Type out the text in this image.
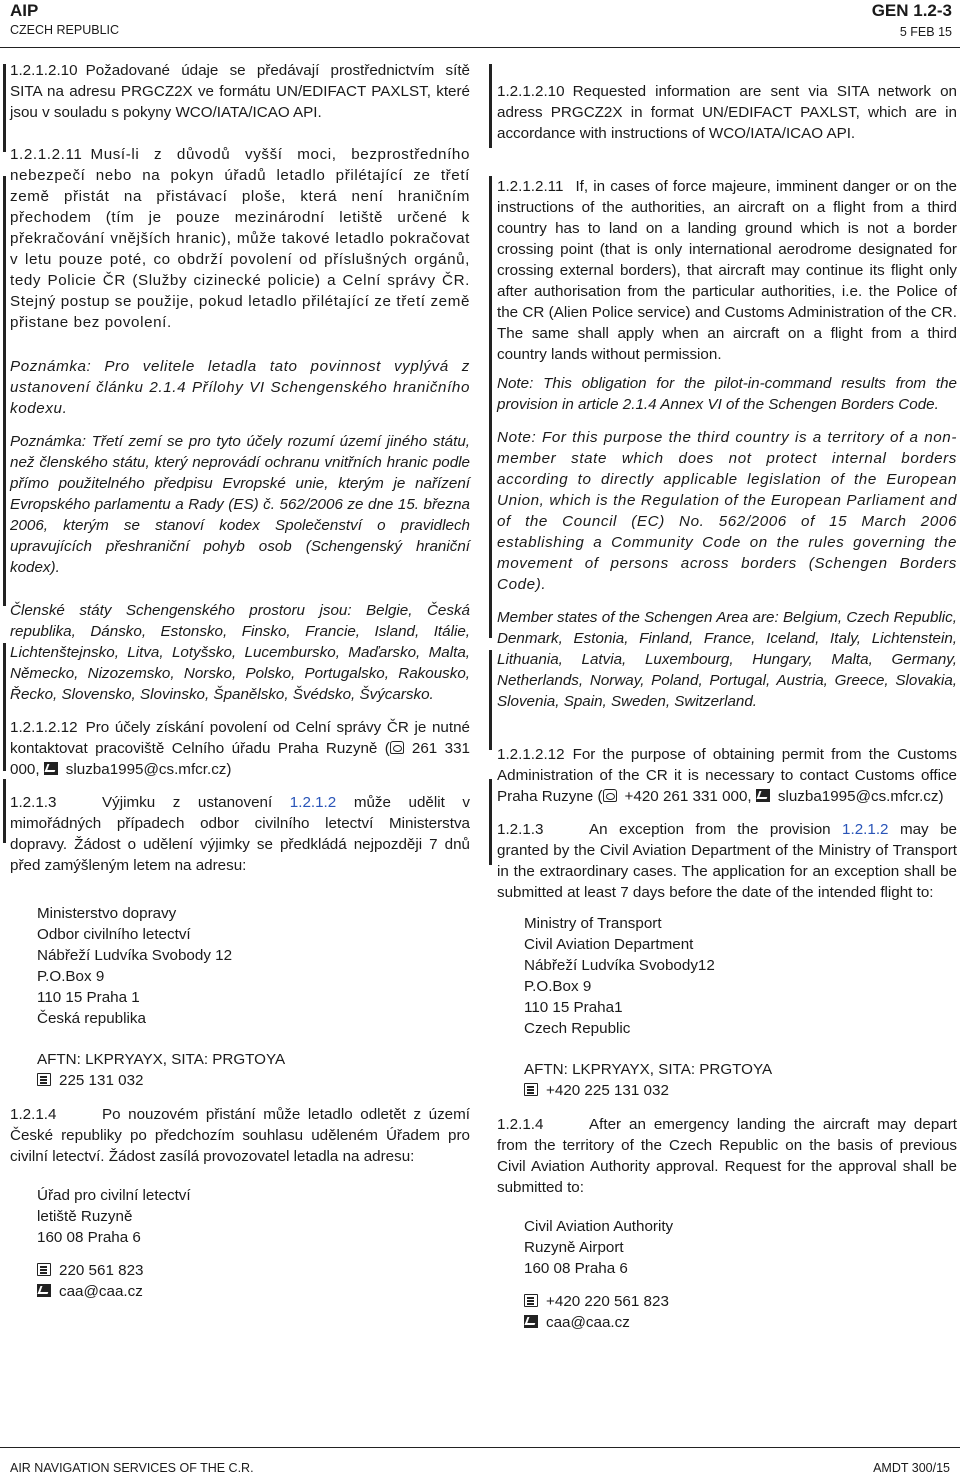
AIP
CZECH REPUBLIC
GEN 1.2-3
5 FEB 15
1.2.1.2.10 Požadované údaje se předávají prostřednictvím sítě SITA na adresu PRGCZ2X ve formátu UN/EDIFACT PAXLST, které jsou v souladu s pokyny WCO/IATA/ICAO API.
1.2.1.2.11 Musí-li z důvodů vyšší moci, bezprostředního nebezpečí nebo na pokyn úřadů letadlo přilétající ze třetí země přistát na přistávací ploše, která není hraničním přechodem (tím je pouze mezinárodní letiště určené k překračování vnějších hranic), může takové letadlo pokračovat v letu pouze poté, co obdrží povolení od příslušných orgánů, tedy Policie ČR (Služby cizinecké policie) a Celní správy ČR. Stejný postup se použije, pokud letadlo přilétající ze třetí země přistane bez povolení.
Poznámka: Pro velitele letadla tato povinnost vyplývá z ustanovení článku 2.1.4 Přílohy VI Schengenského hraničního kodexu.
Poznámka: Třetí zemí se pro tyto účely rozumí území jiného státu, než členského státu, který neprovádí ochranu vnitřních hranic podle přímo použitelného předpisu Evropské unie, kterým je nařízení Evropského parlamentu a Rady (ES) č. 562/2006 ze dne 15. března 2006, kterým se stanoví kodex Společenství o pravidlech upravujících přeshraniční pohyb osob (Schengenský hraniční kodex).
Členské státy Schengenského prostoru jsou: Belgie, Česká republika, Dánsko, Estonsko, Finsko, Francie, Island, Itálie, Lichtenštejnsko, Litva, Lotyšsko, Lucembursko, Maďarsko, Malta, Německo, Nizozemsko, Norsko, Polsko, Portugalsko, Rakousko, Řecko, Slovensko, Slovinsko, Španělsko, Švédsko, Švýcarsko.
1.2.1.2.12 Pro účely získání povolení od Celní správy ČR je nutné kontaktovat pracoviště Celního úřadu Praha Ruzyně ( 261 331 000, sluzba1995@cs.mfcr.cz)
1.2.1.3	Výjimku z ustanovení 1.2.1.2 může udělit v mimořádných případech odbor civilního letectví Ministerstva dopravy. Žádost o udělení výjimky se předkládá nejpozději 7 dnů před zamýšleným letem na adresu:
Ministerstvo dopravy
Odbor civilního letectví
Nábřeží Ludvíka Svobody 12
P.O.Box 9
110 15 Praha 1
Česká republika
AFTN: LKPRYAYX, SITA: PRGTOYA
225 131 032
1.2.1.4	Po nouzovém přistání může letadlo odletět z území České republiky po předchozím souhlasu uděleném Úřadem pro civilní letectví. Žádost zasílá provozovatel letadla na adresu:
Úřad pro civilní letectví
letiště Ruzyně
160 08 Praha 6
220 561 823
caa@caa.cz
1.2.1.2.10 Requested information are sent via SITA network on adress PRGCZ2X in format UN/EDIFACT PAXLST, which are in accordance with instructions of WCO/IATA/ICAO API.
1.2.1.2.11 If, in cases of force majeure, imminent danger or on the instructions of the authorities, an aircraft on a flight from a third country has to land on a landing ground which is not a border crossing point (that is only international aerodrome designated for crossing external borders), that aircraft may continue its flight only after authorisation from the particular authorities, i.e. the Police of the CR (Alien Police service) and Customs Administration of the CR. The same shall apply when an aircraft on a flight from a third country lands without permission.
Note: This obligation for the pilot-in-command results from the provision in article 2.1.4 Annex VI of the Schengen Borders Code.
Note: For this purpose the third country is a territory of a non-member state which does not protect internal borders according to directly applicable legislation of the European Union, which is the Regulation of the European Parliament and of the Council (EC) No. 562/2006 of 15 March 2006 establishing a Community Code on the rules governing the movement of persons across borders (Schengen Borders Code).
Member states of the Schengen Area are: Belgium, Czech Republic, Denmark, Estonia, Finland, France, Iceland, Italy, Lichtenstein, Lithuania, Latvia, Luxembourg, Hungary, Malta, Germany, Netherlands, Norway, Poland, Portugal, Austria, Greece, Slovakia, Slovenia, Spain, Sweden, Switzerland.
1.2.1.2.12 For the purpose of obtaining permit from the Customs Administration of the CR it is necessary to contact Customs office Praha Ruzyne ( +420 261 331 000, sluzba1995@cs.mfcr.cz)
1.2.1.3	An exception from the provision 1.2.1.2 may be granted by the Civil Aviation Department of the Ministry of Transport in the extraordinary cases. The application for an exception shall be submitted at least 7 days before the date of the intended flight to:
Ministry of Transport
Civil Aviation Department
Nábřeží Ludvíka Svobody12
P.O.Box 9
110 15 Praha1
Czech Republic
AFTN: LKPRYAYX, SITA: PRGTOYA
+420 225 131 032
1.2.1.4	After an emergency landing the aircraft may depart from the territory of the Czech Republic on the basis of previous Civil Aviation Authority approval. Request for the approval shall be submitted to:
Civil Aviation Authority
Ruzyně Airport
160 08 Praha 6
+420 220 561 823
caa@caa.cz
AIR NAVIGATION SERVICES OF THE C.R.	AMDT 300/15
